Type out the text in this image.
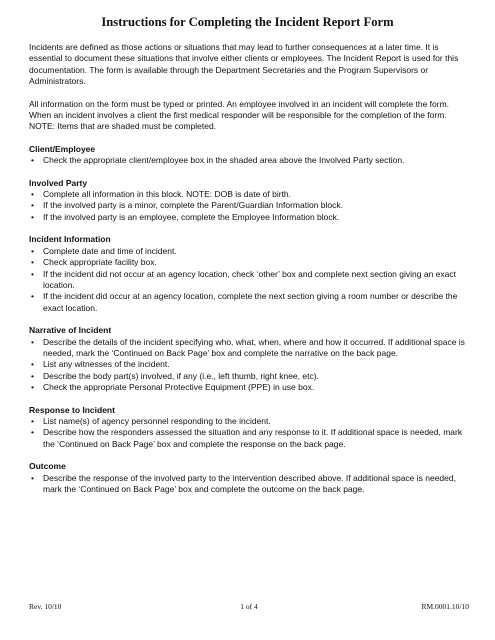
Instructions for Completing the Incident Report Form

Incidents are defined as those actions or situations that may lead to further consequences at a later time. It is essential to document these situations that involve either clients or employees. The Incident Report is used for this documentation. The form is available through the Department Secretaries and the Program Supervisors or Administrators.

All information on the form must be typed or printed. An employee involved in an incident will complete the form. When an incident involves a client the first medical responder will be responsible for the completion of the form. NOTE: Items that are shaded must be completed.

Client/Employee

• Check the appropriate client/employee box in the shaded area above the Involved Party section.

Involved Party

• Complete all information in this block. NOTE: DOB is date of birth.
• If the involved party is a minor, complete the Parent/Guardian Information block.
• If the involved party is an employee, complete the Employee Information block.

Incident Information

• Complete date and time of incident.
• Check appropriate facility box.
• If the incident did not occur at an agency location, check ‘other’ box and complete next section giving an exact location.
• If the incident did occur at an agency location, complete the next section giving a room number or describe the exact location.

Narrative of Incident

• Describe the details of the incident specifying who, what, when, where and how it occurred. If additional space is needed, mark the ‘Continued on Back Page’ box and complete the narrative on the back page.
• List any witnesses of the incident.
• Describe the body part(s) involved, if any (i.e., left thumb, right knee, etc).
• Check the appropriate Personal Protective Equipment (PPE) in use box.

Response to Incident

• List name(s) of agency personnel responding to the incident.
• Describe how the responders assessed the situation and any response to it. If additional space is needed, mark the ‘Continued on Back Page’ box and complete the response on the back page.

Outcome

• Describe the response of the involved party to the intervention described above. If additional space is needed, mark the ‘Continued on Back Page’ box and complete the outcome on the back page.
Rev. 10/10	1 of 4	RM.0001.10/10
